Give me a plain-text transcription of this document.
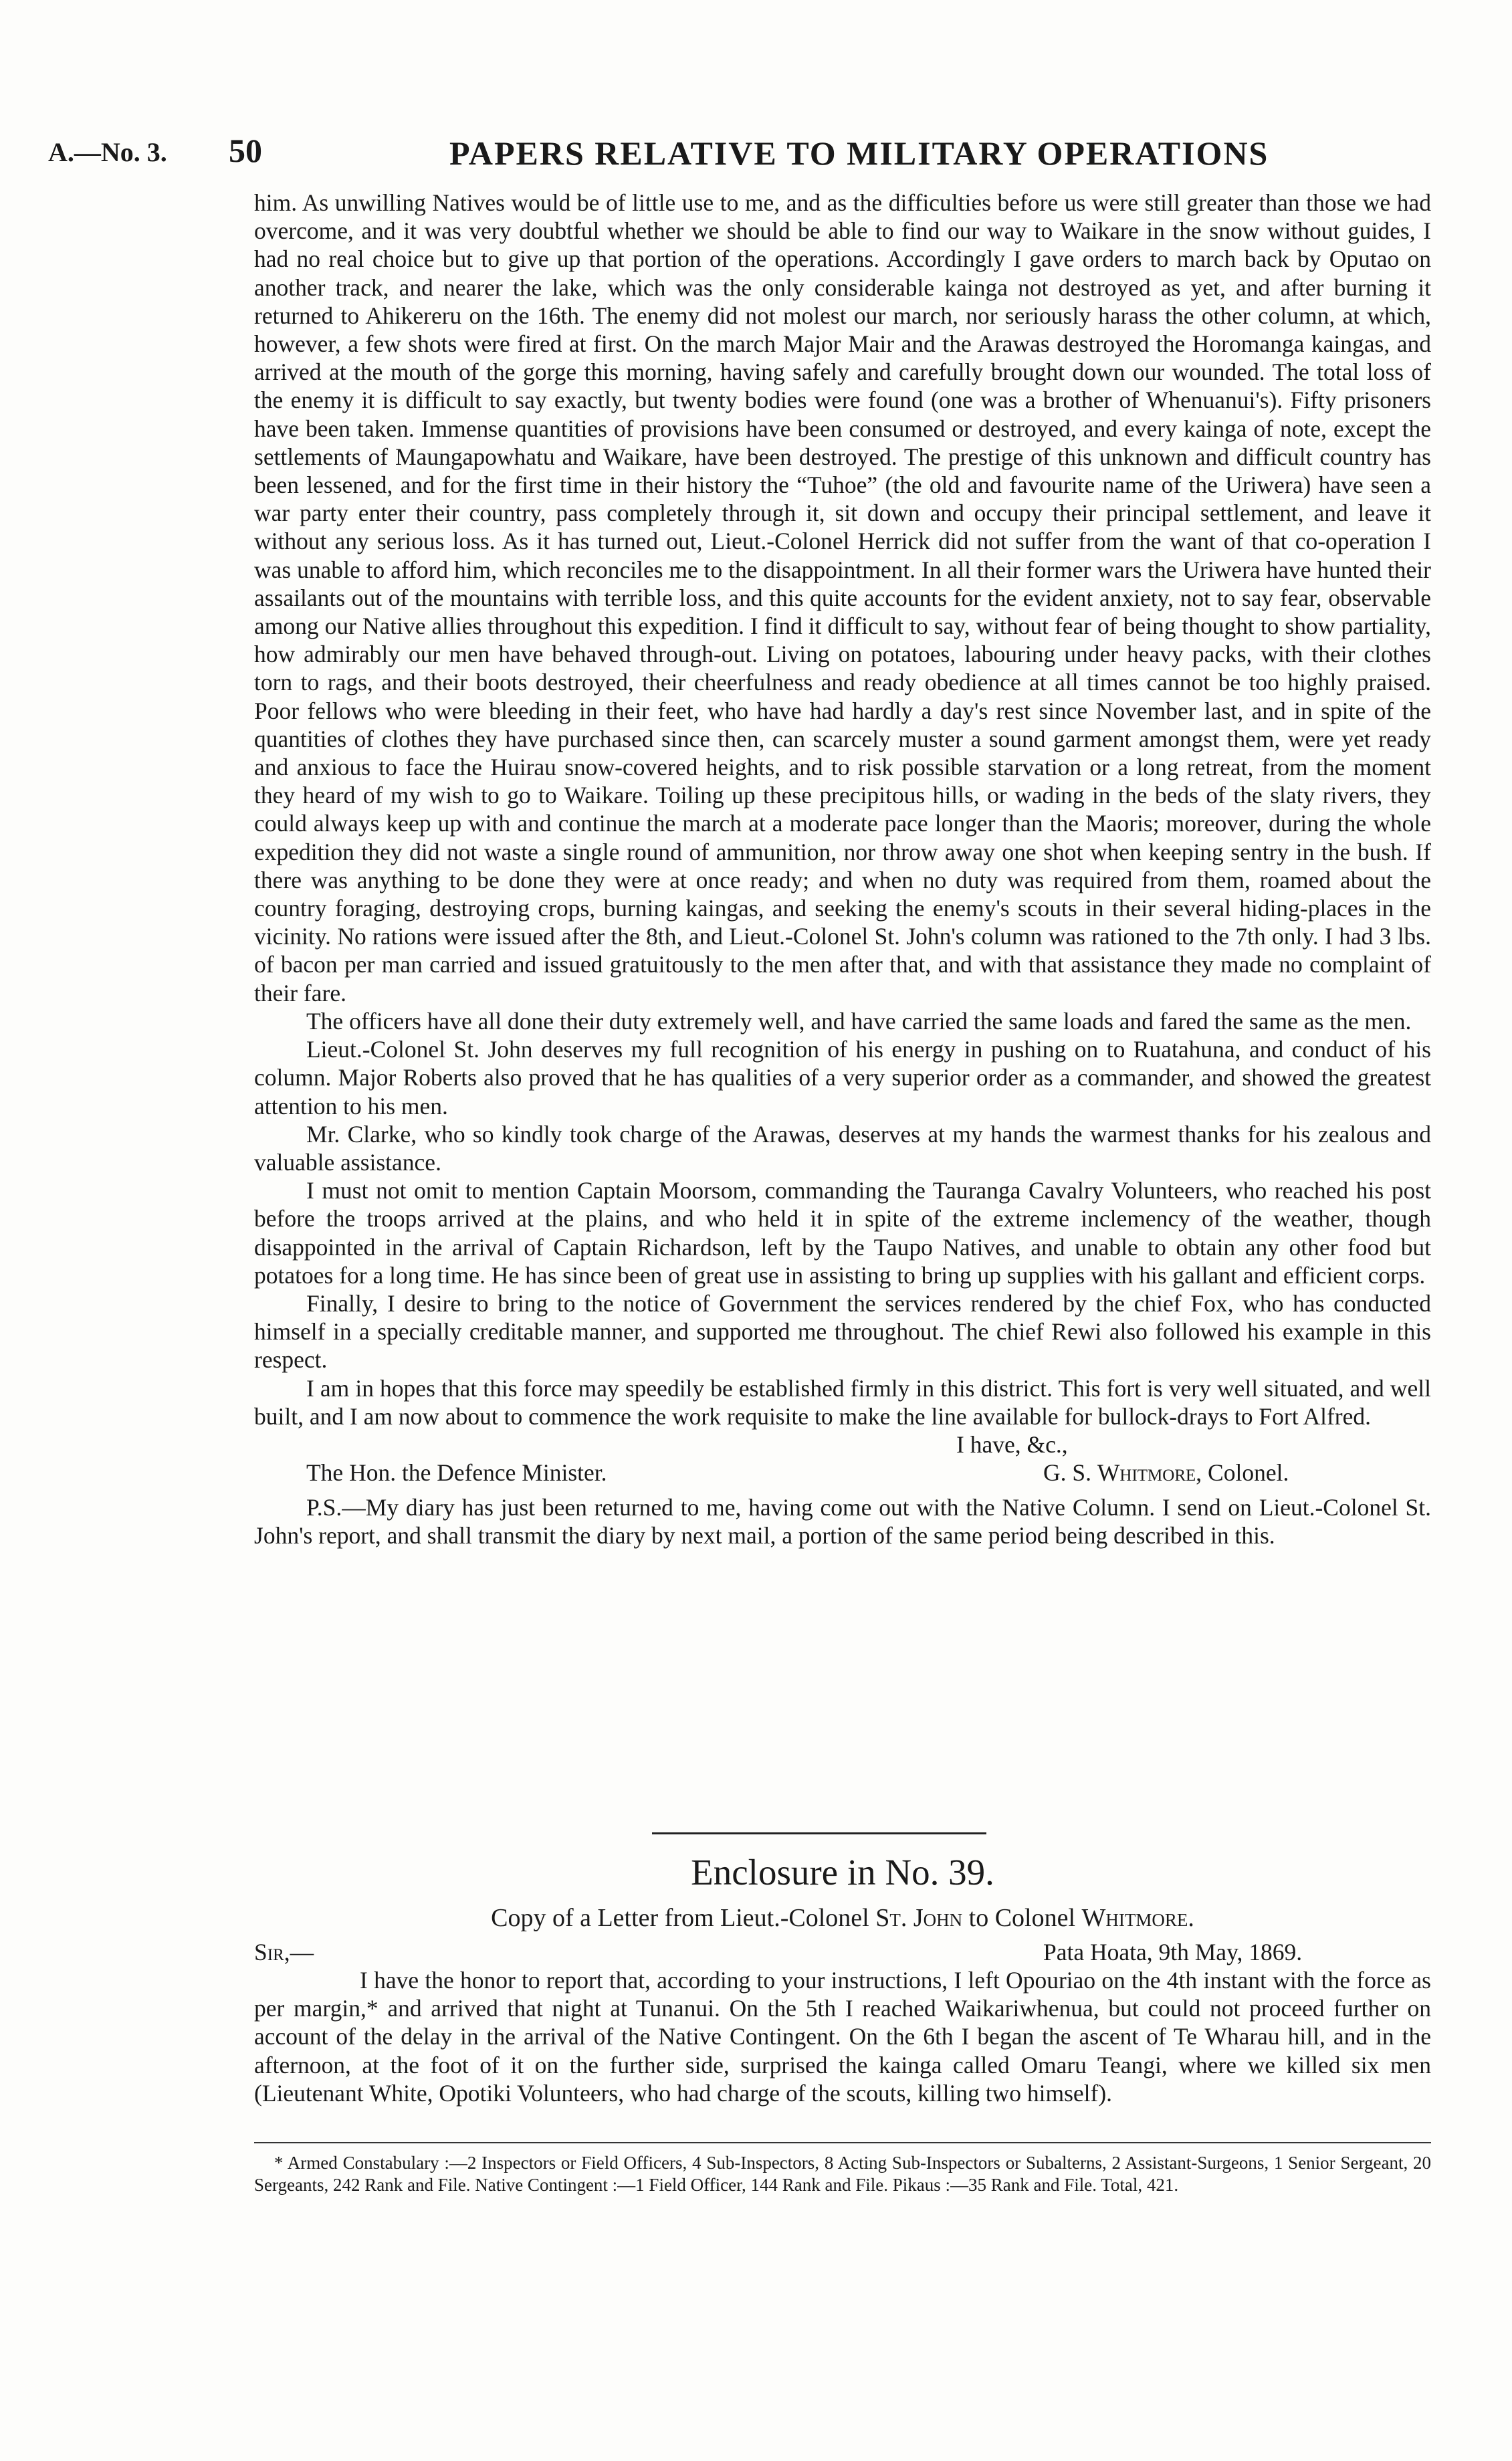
A.—No. 3. 50	PAPERS RELATIVE TO MILITARY OPERATIONS

him. As unwilling Natives would be of little use to me, and as the difficulties before us were still greater than those we had overcome, and it was very doubtful whether we should be able to find our way to Waikare in the snow without guides, I had no real choice but to give up that portion of the operations. Accordingly I gave orders to march back by Oputao on another track, and nearer the lake, which was the only considerable kainga not destroyed as yet, and after burning it returned to Ahikereru on the 16th. The enemy did not molest our march, nor seriously harass the other column, at which, however, a few shots were fired at first. On the march Major Mair and the Arawas destroyed the Horomanga kaingas, and arrived at the mouth of the gorge this morning, having safely and carefully brought down our wounded. The total loss of the enemy it is difficult to say exactly, but twenty bodies were found (one was a brother of Whenuanui's). Fifty prisoners have been taken. Immense quantities of provisions have been consumed or destroyed, and every kainga of note, except the settlements of Maungapowhatu and Waikare, have been destroyed. The prestige of this unknown and difficult country has been lessened, and for the first time in their history the “Tuhoe” (the old and favourite name of the Uriwera) have seen a war party enter their country, pass completely through it, sit down and occupy their principal settlement, and leave it without any serious loss. As it has turned out, Lieut.-Colonel Herrick did not suffer from the want of that co-operation I was unable to afford him, which reconciles me to the disappointment. In all their former wars the Uriwera have hunted their assailants out of the mountains with terrible loss, and this quite accounts for the evident anxiety, not to say fear, observable among our Native allies throughout this expedition. I find it difficult to say, without fear of being thought to show partiality, how admirably our men have behaved through-out. Living on potatoes, labouring under heavy packs, with their clothes torn to rags, and their boots destroyed, their cheerfulness and ready obedience at all times cannot be too highly praised. Poor fellows who were bleeding in their feet, who have had hardly a day's rest since November last, and in spite of the quantities of clothes they have purchased since then, can scarcely muster a sound garment amongst them, were yet ready and anxious to face the Huirau snow-covered heights, and to risk possible starvation or a long retreat, from the moment they heard of my wish to go to Waikare. Toiling up these precipitous hills, or wading in the beds of the slaty rivers, they could always keep up with and continue the march at a moderate pace longer than the Maoris; moreover, during the whole expedition they did not waste a single round of ammunition, nor throw away one shot when keeping sentry in the bush. If there was anything to be done they were at once ready; and when no duty was required from them, roamed about the country foraging, destroying crops, burning kaingas, and seeking the enemy's scouts in their several hiding-places in the vicinity. No rations were issued after the 8th, and Lieut.-Colonel St. John's column was rationed to the 7th only. I had 3 lbs. of bacon per man carried and issued gratuitously to the men after that, and with that assistance they made no complaint of their fare.

The officers have all done their duty extremely well, and have carried the same loads and fared the same as the men.

Lieut.-Colonel St. John deserves my full recognition of his energy in pushing on to Ruatahuna, and conduct of his column. Major Roberts also proved that he has qualities of a very superior order as a commander, and showed the greatest attention to his men.

Mr. Clarke, who so kindly took charge of the Arawas, deserves at my hands the warmest thanks for his zealous and valuable assistance.

I must not omit to mention Captain Moorsom, commanding the Tauranga Cavalry Volunteers, who reached his post before the troops arrived at the plains, and who held it in spite of the extreme inclemency of the weather, though disappointed in the arrival of Captain Richardson, left by the Taupo Natives, and unable to obtain any other food but potatoes for a long time. He has since been of great use in assisting to bring up supplies with his gallant and efficient corps.

Finally, I desire to bring to the notice of Government the services rendered by the chief Fox, who has conducted himself in a specially creditable manner, and supported me throughout. The chief Rewi also followed his example in this respect.

I am in hopes that this force may speedily be established firmly in this district. This fort is very well situated, and well built, and I am now about to commence the work requisite to make the line available for bullock-drays to Fort Alfred.

I have, &c.,
The Hon. the Defence Minister.	G. S. Whitmore, Colonel.

P.S.—My diary has just been returned to me, having come out with the Native Column. I send on Lieut.-Colonel St. John's report, and shall transmit the diary by next mail, a portion of the same period being described in this.

Enclosure in No. 39.
Copy of a Letter from Lieut.-Colonel St. John to Colonel Whitmore.
Sir,—	Pata Hoata, 9th May, 1869.

I have the honor to report that, according to your instructions, I left Opouriao on the 4th instant with the force as per margin,* and arrived that night at Tunanui. On the 5th I reached Waikariwhenua, but could not proceed further on account of the delay in the arrival of the Native Contingent. On the 6th I began the ascent of Te Wharau hill, and in the afternoon, at the foot of it on the further side, surprised the kainga called Omaru Teangi, where we killed six men (Lieutenant White, Opotiki Volunteers, who had charge of the scouts, killing two himself).

* Armed Constabulary :—2 Inspectors or Field Officers, 4 Sub-Inspectors, 8 Acting Sub-Inspectors or Subalterns, 2 Assistant-Surgeons, 1 Senior Sergeant, 20 Sergeants, 242 Rank and File. Native Contingent :—1 Field Officer, 144 Rank and File. Pikaus :—35 Rank and File. Total, 421.
